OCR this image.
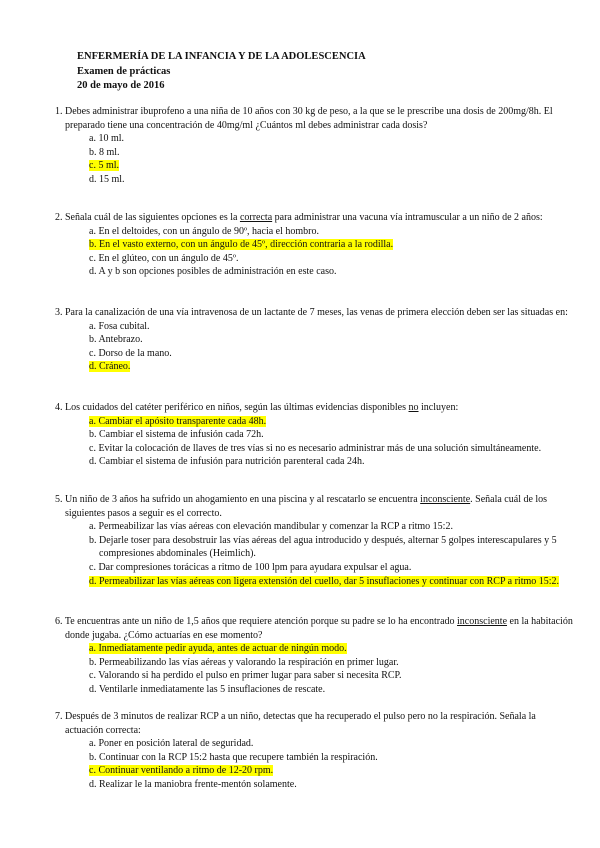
ENFERMERÍA DE LA INFANCIA Y DE LA ADOLESCENCIA
Examen de prácticas
20 de mayo de 2016
1. Debes administrar ibuprofeno a una niña de 10 años con 30 kg de peso, a la que se le prescribe una dosis de 200mg/8h. El preparado tiene una concentración de 40mg/ml ¿Cuántos ml debes administrar cada dosis?
a. 10 ml.
b. 8 ml.
c. 5 ml.
d. 15 ml.
2. Señala cuál de las siguientes opciones es la correcta para administrar una vacuna vía intramuscular a un niño de 2 años:
a. En el deltoides, con un ángulo de 90º, hacia el hombro.
b. En el vasto externo, con un ángulo de 45º, dirección contraria a la rodilla.
c. En el glúteo, con un ángulo de 45º.
d. A y b son opciones posibles de administración en este caso.
3. Para la canalización de una vía intravenosa de un lactante de 7 meses, las venas de primera elección deben ser las situadas en:
a. Fosa cubital.
b. Antebrazo.
c. Dorso de la mano.
d. Cráneo.
4. Los cuidados del catéter periférico en niños, según las últimas evidencias disponibles no incluyen:
a. Cambiar el apósito transparente cada 48h.
b. Cambiar el sistema de infusión cada 72h.
c. Evitar la colocación de llaves de tres vías si no es necesario administrar más de una solución simultáneamente.
d. Cambiar el sistema de infusión para nutrición parenteral cada 24h.
5. Un niño de 3 años ha sufrido un ahogamiento en una piscina y al rescatarlo se encuentra inconsciente. Señala cuál de los siguientes pasos a seguir es el correcto.
a. Permeabilizar las vías aéreas con elevación mandibular y comenzar la RCP a ritmo 15:2.
b. Dejarle toser para desobstruir las vías aéreas del agua introducido y después, alternar 5 golpes interescapulares y 5 compresiones abdominales (Heimlich).
c. Dar compresiones torácicas a ritmo de 100 lpm para ayudara expulsar el agua.
d. Permeabilizar las vías aéreas con ligera extensión del cuello, dar 5 insuflaciones y continuar con RCP a ritmo 15:2.
6. Te encuentras ante un niño de 1,5 años que requiere atención porque su padre se lo ha encontrado inconsciente en la habitación donde jugaba. ¿Cómo actuarías en ese momento?
a. Inmediatamente pedir ayuda, antes de actuar de ningún modo.
b. Permeabilizando las vías aéreas y valorando la respiración en primer lugar.
c. Valorando si ha perdido el pulso en primer lugar para saber si necesita RCP.
d. Ventilarle inmediatamente las 5 insuflaciones de rescate.
7. Después de 3 minutos de realizar RCP a un niño, detectas que ha recuperado el pulso pero no la respiración. Señala la actuación correcta:
a. Poner en posición lateral de seguridad.
b. Continuar con la RCP 15:2 hasta que recupere también la respiración.
c. Continuar ventilando a ritmo de 12-20 rpm.
d. Realizar le la maniobra frente-mentón solamente.
